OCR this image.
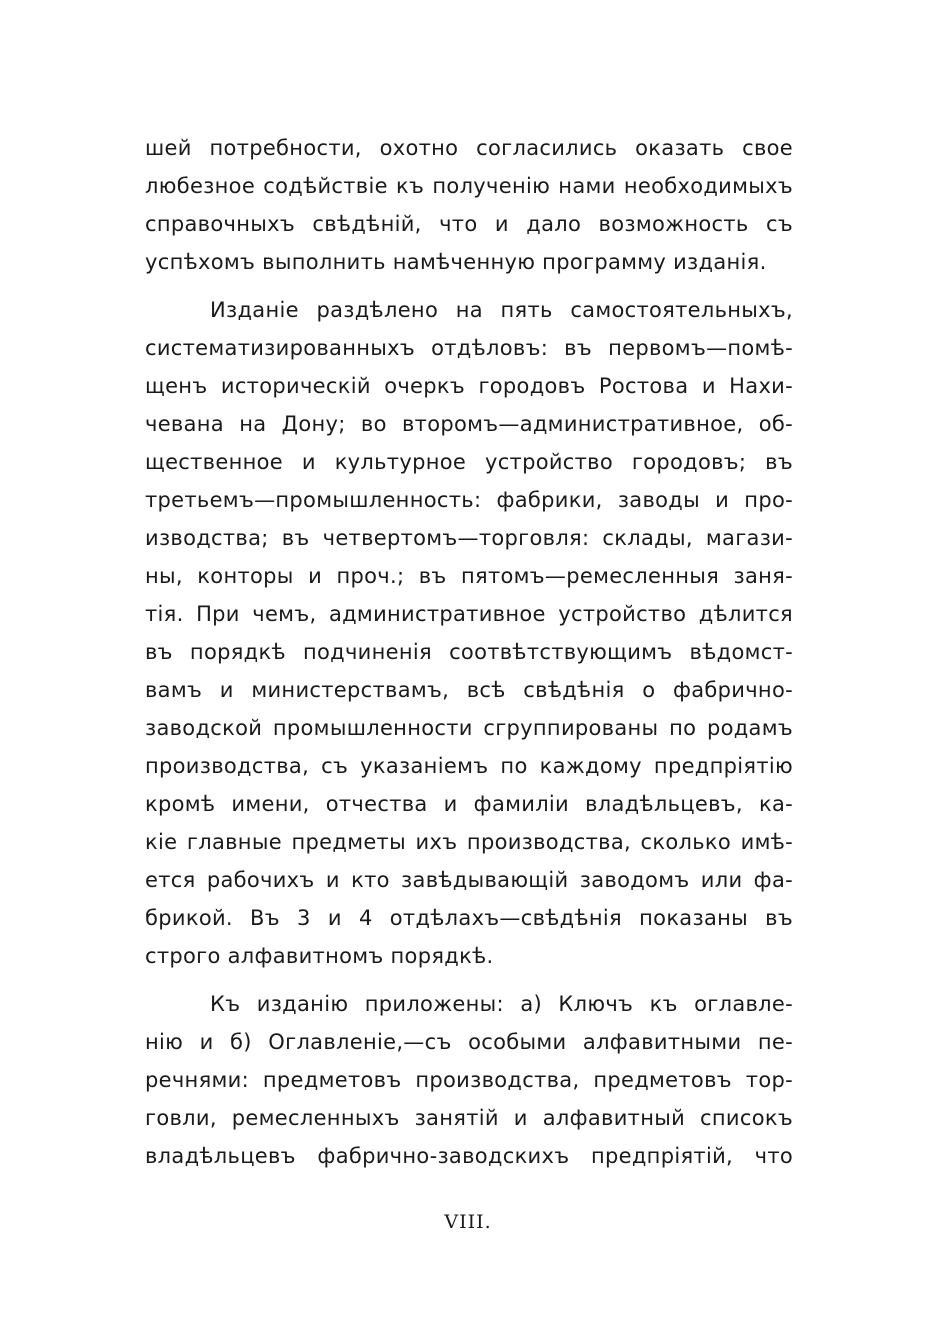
шей потребности, охотно согласились оказать свое
любезное содѣйствіе къ полученію нами необходимыхъ
справочныхъ свѣдѣній, что и дало возможность съ
успѣхомъ выполнить намѣченную программу изданія.
Изданіе раздѣлено на пять самостоятельныхъ,
систематизированныхъ отдѣловъ: въ первомъ—помѣ-
щенъ историческій очеркъ городовъ Ростова и Нахи-
чевана на Дону; во второмъ—административное, об-
щественное и культурное устройство городовъ; въ
третьемъ—промышленность: фабрики, заводы и про-
изводства; въ четвертомъ—торговля: склады, магази-
ны, конторы и проч.; въ пятомъ—ремесленныя заня-
тія. При чемъ, административное устройство дѣлится
въ порядкѣ подчиненія соотвѣтствующимъ вѣдомст-
вамъ и министерствамъ, всѣ свѣдѣнія о фабрично-
заводской промышленности сгруппированы по родамъ
производства, съ указаніемъ по каждому предпріятію
кромѣ имени, отчества и фамиліи владѣльцевъ, ка-
кіе главные предметы ихъ производства, сколько имѣ-
ется рабочихъ и кто завѣдывающій заводомъ или фа-
брикой. Въ 3 и 4 отдѣлахъ—свѣдѣнія показаны въ
строго алфавитномъ порядкѣ.
Къ изданію приложены: а) Ключъ къ оглавле-
нію и б) Оглавленіе,—съ особыми алфавитными пе-
речнями: предметовъ производства, предметовъ тор-
говли, ремесленныхъ занятій и алфавитный списокъ
владѣльцевъ фабрично-заводскихъ предпріятій, что
VIII.
